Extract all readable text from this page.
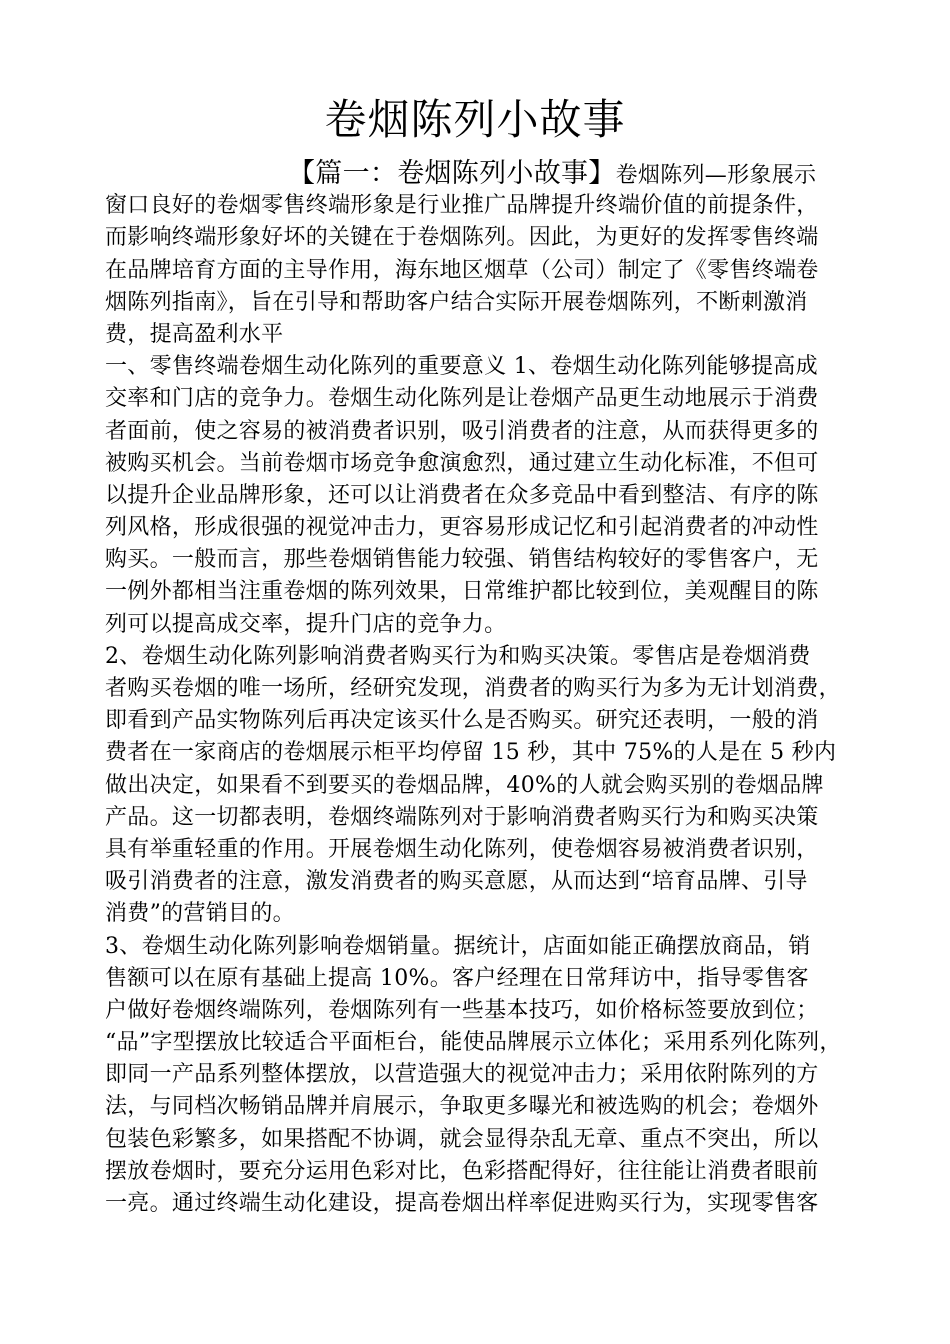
卷烟陈列小故事
【篇一：卷烟陈列小故事】卷烟陈列—形象展示
窗口良好的卷烟零售终端形象是行业推广品牌提升终端价值的前提条件，
而影响终端形象好坏的关键在于卷烟陈列。因此，为更好的发挥零售终端
在品牌培育方面的主导作用，海东地区烟草（公司）制定了《零售终端卷
烟陈列指南》，旨在引导和帮助客户结合实际开展卷烟陈列，不断刺激消
费，提高盈利水平
一、零售终端卷烟生动化陈列的重要意义 1、卷烟生动化陈列能够提高成
交率和门店的竞争力。卷烟生动化陈列是让卷烟产品更生动地展示于消费
者面前，使之容易的被消费者识别，吸引消费者的注意，从而获得更多的
被购买机会。当前卷烟市场竞争愈演愈烈，通过建立生动化标准，不但可
以提升企业品牌形象，还可以让消费者在众多竞品中看到整洁、有序的陈
列风格，形成很强的视觉冲击力，更容易形成记忆和引起消费者的冲动性
购买。一般而言，那些卷烟销售能力较强、销售结构较好的零售客户，无
一例外都相当注重卷烟的陈列效果，日常维护都比较到位，美观醒目的陈
列可以提高成交率，提升门店的竞争力。
2、卷烟生动化陈列影响消费者购买行为和购买决策。零售店是卷烟消费
者购买卷烟的唯一场所，经研究发现，消费者的购买行为多为无计划消费，
即看到产品实物陈列后再决定该买什么是否购买。研究还表明，一般的消
费者在一家商店的卷烟展示柜平均停留 15 秒，其中 75%的人是在 5 秒内
做出决定，如果看不到要买的卷烟品牌，40%的人就会购买别的卷烟品牌
产品。这一切都表明，卷烟终端陈列对于影响消费者购买行为和购买决策
具有举重轻重的作用。开展卷烟生动化陈列，使卷烟容易被消费者识别，
吸引消费者的注意，激发消费者的购买意愿，从而达到“培育品牌、引导
消费”的营销目的。
3、卷烟生动化陈列影响卷烟销量。据统计，店面如能正确摆放商品，销
售额可以在原有基础上提高 10%。客户经理在日常拜访中，指导零售客
户做好卷烟终端陈列，卷烟陈列有一些基本技巧，如价格标签要放到位；
“品”字型摆放比较适合平面柜台，能使品牌展示立体化；采用系列化陈列，
即同一产品系列整体摆放，以营造强大的视觉冲击力；采用依附陈列的方
法，与同档次畅销品牌并肩展示，争取更多曝光和被选购的机会；卷烟外
包装色彩繁多，如果搭配不协调，就会显得杂乱无章、重点不突出，所以
摆放卷烟时，要充分运用色彩对比，色彩搭配得好，往往能让消费者眼前
一亮。通过终端生动化建设，提高卷烟出样率促进购买行为，实现零售客
